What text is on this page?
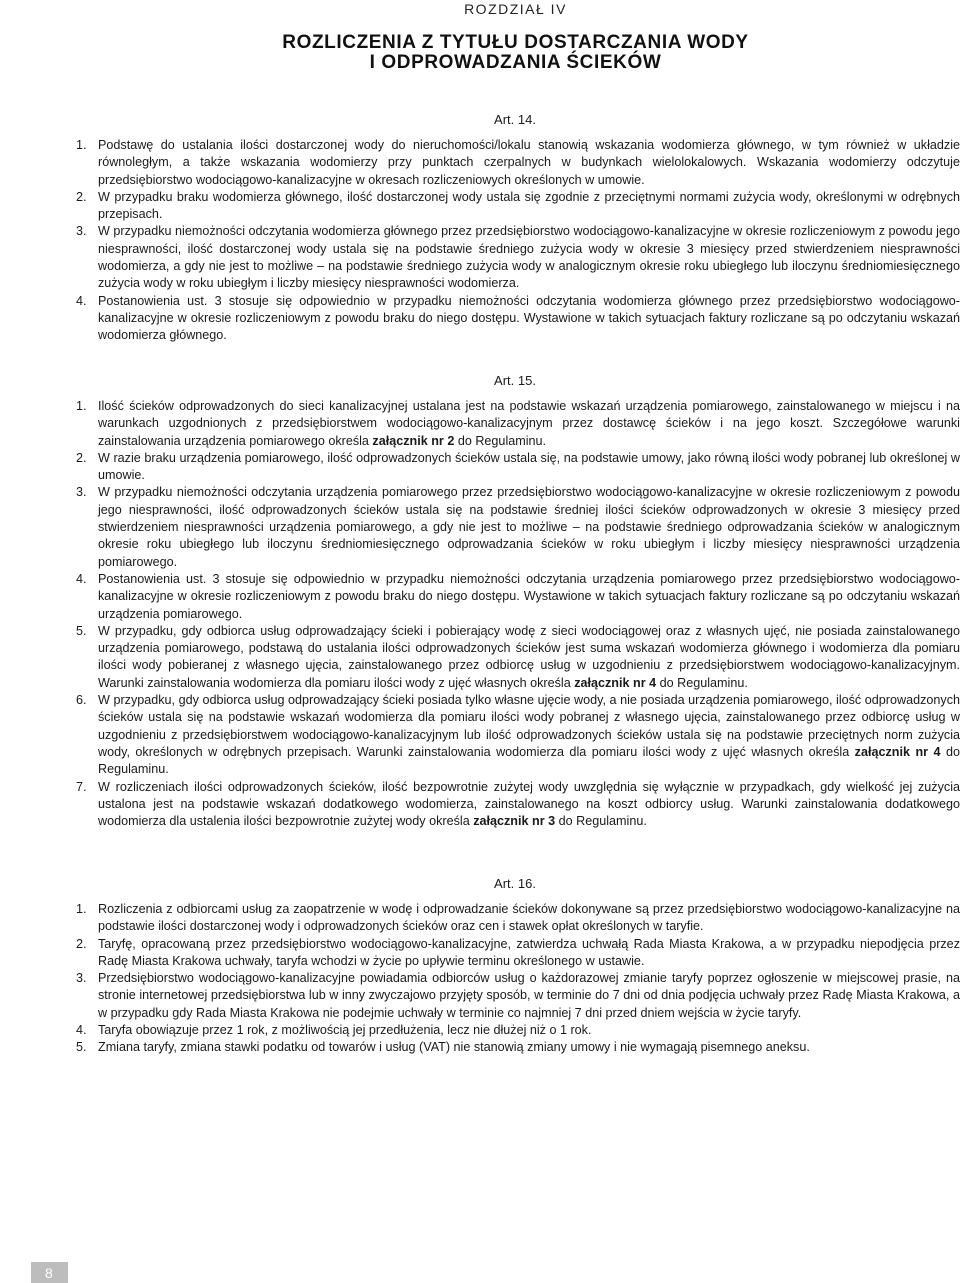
ROZDZIAŁ IV
ROZLICZENIA Z TYTUŁU DOSTARCZANIA WODY
I ODPROWADZANIA ŚCIEKÓW
Art. 14.
1. Podstawę do ustalania ilości dostarczonej wody do nieruchomości/lokalu stanowią wskazania wodomierza głównego, w tym również w układzie równoległym, a także wskazania wodomierzy przy punktach czerpalnych w budynkach wielolokalowych. Wskazania wodomierzy odczytuje przedsiębiorstwo wodociągowo-kanalizacyjne w okresach rozliczeniowych określonych w umowie.
2. W przypadku braku wodomierza głównego, ilość dostarczonej wody ustala się zgodnie z przeciętnymi normami zużycia wody, określonymi w odrębnych przepisach.
3. W przypadku niemożności odczytania wodomierza głównego przez przedsiębiorstwo wodociągowo-kanalizacyjne w okresie rozliczeniowym z powodu jego niesprawności, ilość dostarczonej wody ustala się na podstawie średniego zużycia wody w okresie 3 miesięcy przed stwierdzeniem niesprawności wodomierza, a gdy nie jest to możliwe – na podstawie średniego zużycia wody w analogicznym okresie roku ubiegłego lub iloczynu średniomiesięcznego zużycia wody w roku ubiegłym i liczby miesięcy niesprawności wodomierza.
4. Postanowienia ust. 3 stosuje się odpowiednio w przypadku niemożności odczytania wodomierza głównego przez przedsiębiorstwo wodociągowo-kanalizacyjne w okresie rozliczeniowym z powodu braku do niego dostępu. Wystawione w takich sytuacjach faktury rozliczane są po odczytaniu wskazań wodomierza głównego.
Art. 15.
1. Ilość ścieków odprowadzonych do sieci kanalizacyjnej ustalana jest na podstawie wskazań urządzenia pomiarowego, zainstalowanego w miejscu i na warunkach uzgodnionych z przedsiębiorstwem wodociągowo-kanalizacyjnym przez dostawcę ścieków i na jego koszt. Szczegółowe warunki zainstalowania urządzenia pomiarowego określa załącznik nr 2 do Regulaminu.
2. W razie braku urządzenia pomiarowego, ilość odprowadzonych ścieków ustala się, na podstawie umowy, jako równą ilości wody pobranej lub określonej w umowie.
3. W przypadku niemożności odczytania urządzenia pomiarowego przez przedsiębiorstwo wodociągowo-kanalizacyjne w okresie rozliczeniowym z powodu jego niesprawności, ilość odprowadzonych ścieków ustala się na podstawie średniej ilości ścieków odprowadzonych w okresie 3 miesięcy przed stwierdzeniem niesprawności urządzenia pomiarowego, a gdy nie jest to możliwe – na podstawie średniego odprowadzania ścieków w analogicznym okresie roku ubiegłego lub iloczynu średniomiesięcznego odprowadzania ścieków w roku ubiegłym i liczby miesięcy niesprawności urządzenia pomiarowego.
4. Postanowienia ust. 3 stosuje się odpowiednio w przypadku niemożności odczytania urządzenia pomiarowego przez przedsiębiorstwo wodociągowo-kanalizacyjne w okresie rozliczeniowym z powodu braku do niego dostępu. Wystawione w takich sytuacjach faktury rozliczane są po odczytaniu wskazań urządzenia pomiarowego.
5. W przypadku, gdy odbiorca usług odprowadzający ścieki i pobierający wodę z sieci wodociągowej oraz z własnych ujęć, nie posiada zainstalowanego urządzenia pomiarowego, podstawą do ustalania ilości odprowadzonych ścieków jest suma wskazań wodomierza głównego i wodomierza dla pomiaru ilości wody pobieranej z własnego ujęcia, zainstalowanego przez odbiorcę usług w uzgodnieniu z przedsiębiorstwem wodociągowo-kanalizacyjnym. Warunki zainstalowania wodomierza dla pomiaru ilości wody z ujęć własnych określa załącznik nr 4 do Regulaminu.
6. W przypadku, gdy odbiorca usług odprowadzający ścieki posiada tylko własne ujęcie wody, a nie posiada urządzenia pomiarowego, ilość odprowadzonych ścieków ustala się na podstawie wskazań wodomierza dla pomiaru ilości wody pobranej z własnego ujęcia, zainstalowanego przez odbiorcę usług w uzgodnieniu z przedsiębiorstwem wodociągowo-kanalizacyjnym lub ilość odprowadzonych ścieków ustala się na podstawie przeciętnych norm zużycia wody, określonych w odrębnych przepisach. Warunki zainstalowania wodomierza dla pomiaru ilości wody z ujęć własnych określa załącznik nr 4 do Regulaminu.
7. W rozliczeniach ilości odprowadzonych ścieków, ilość bezpowrotnie zużytej wody uwzględnia się wyłącznie w przypadkach, gdy wielkość jej zużycia ustalona jest na podstawie wskazań dodatkowego wodomierza, zainstalowanego na koszt odbiorcy usług. Warunki zainstalowania dodatkowego wodomierza dla ustalenia ilości bezpowrotnie zużytej wody określa załącznik nr 3 do Regulaminu.
Art. 16.
1. Rozliczenia z odbiorcami usług za zaopatrzenie w wodę i odprowadzanie ścieków dokonywane są przez przedsiębiorstwo wodociągowo-kanalizacyjne na podstawie ilości dostarczonej wody i odprowadzonych ścieków oraz cen i stawek opłat określonych w taryfie.
2. Taryfę, opracowaną przez przedsiębiorstwo wodociągowo-kanalizacyjne, zatwierdza uchwałą Rada Miasta Krakowa, a w przypadku niepodjęcia przez Radę Miasta Krakowa uchwały, taryfa wchodzi w życie po upływie terminu określonego w ustawie.
3. Przedsiębiorstwo wodociągowo-kanalizacyjne powiadamia odbiorców usług o każdorazowej zmianie taryfy poprzez ogłoszenie w miejscowej prasie, na stronie internetowej przedsiębiorstwa lub w inny zwyczajowo przyjęty sposób, w terminie do 7 dni od dnia podjęcia uchwały przez Radę Miasta Krakowa, a w przypadku gdy Rada Miasta Krakowa nie podejmie uchwały w terminie co najmniej 7 dni przed dniem wejścia w życie taryfy.
4. Taryfa obowiązuje przez 1 rok, z możliwością jej przedłużenia, lecz nie dłużej niż o 1 rok.
5. Zmiana taryfy, zmiana stawki podatku od towarów i usług (VAT) nie stanowią zmiany umowy i nie wymagają pisemnego aneksu.
8
